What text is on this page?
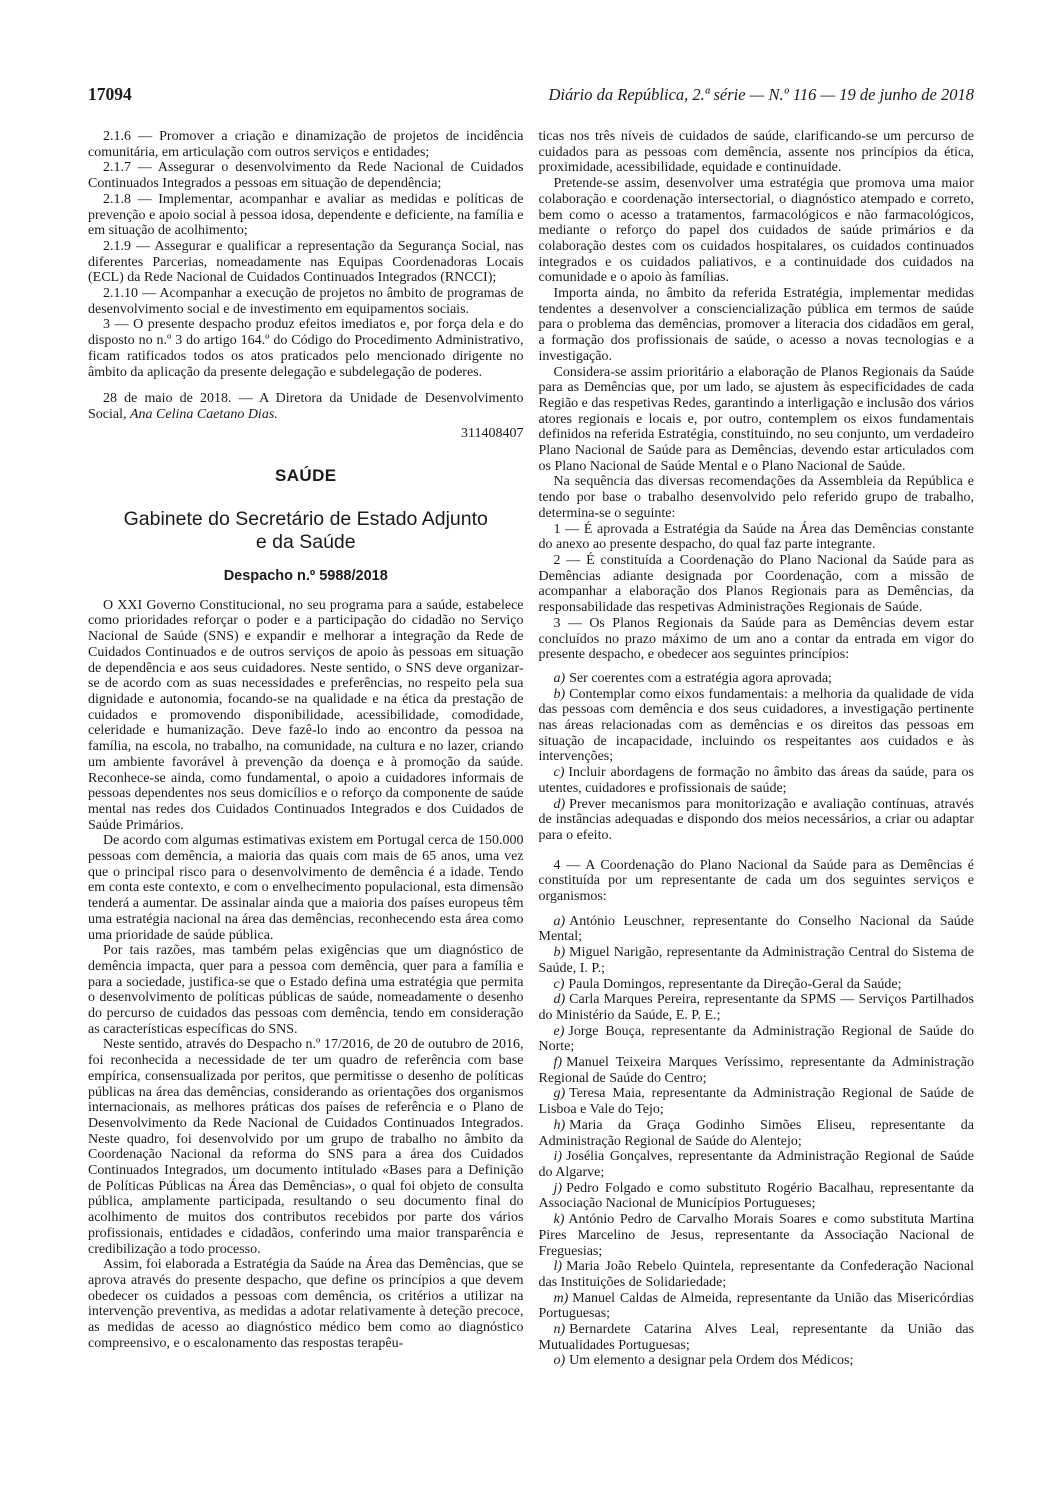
17094	Diário da República, 2.ª série — N.º 116 — 19 de junho de 2018

2.1.6 — Promover a criação e dinamização de projetos de incidência comunitária, em articulação com outros serviços e entidades;

2.1.7 — Assegurar o desenvolvimento da Rede Nacional de Cuidados Continuados Integrados a pessoas em situação de dependência;

2.1.8 — Implementar, acompanhar e avaliar as medidas e políticas de prevenção e apoio social à pessoa idosa, dependente e deficiente, na família e em situação de acolhimento;

2.1.9 — Assegurar e qualificar a representação da Segurança Social, nas diferentes Parcerias, nomeadamente nas Equipas Coordenadoras Locais (ECL) da Rede Nacional de Cuidados Continuados Integrados (RNCCI);

2.1.10 — Acompanhar a execução de projetos no âmbito de programas de desenvolvimento social e de investimento em equipamentos sociais.

3 — O presente despacho produz efeitos imediatos e, por força dela e do disposto no n.º 3 do artigo 164.º do Código do Procedimento Administrativo, ficam ratificados todos os atos praticados pelo mencionado dirigente no âmbito da aplicação da presente delegação e subdelegação de poderes.

28 de maio de 2018. — A Diretora da Unidade de Desenvolvimento Social, Ana Celina Caetano Dias.

311408407

SAÚDE
Gabinete do Secretário de Estado Adjunto
e da Saúde
Despacho n.º 5988/2018

O XXI Governo Constitucional, no seu programa para a saúde, estabelece como prioridades reforçar o poder e a participação do cidadão no Serviço Nacional de Saúde (SNS) e expandir e melhorar a integração da Rede de Cuidados Continuados e de outros serviços de apoio às pessoas em situação de dependência e aos seus cuidadores. Neste sentido, o SNS deve organizar-se de acordo com as suas necessidades e preferências, no respeito pela sua dignidade e autonomia, focando-se na qualidade e na ética da prestação de cuidados e promovendo disponibilidade, acessibilidade, comodidade, celeridade e humanização. Deve fazê-lo indo ao encontro da pessoa na família, na escola, no trabalho, na comunidade, na cultura e no lazer, criando um ambiente favorável à prevenção da doença e à promoção da saúde. Reconhece-se ainda, como fundamental, o apoio a cuidadores informais de pessoas dependentes nos seus domicílios e o reforço da componente de saúde mental nas redes dos Cuidados Continuados Integrados e dos Cuidados de Saúde Primários.

De acordo com algumas estimativas existem em Portugal cerca de 150.000 pessoas com demência, a maioria das quais com mais de 65 anos, uma vez que o principal risco para o desenvolvimento de demência é a idade. Tendo em conta este contexto, e com o envelhecimento populacional, esta dimensão tenderá a aumentar. De assinalar ainda que a maioria dos países europeus têm uma estratégia nacional na área das demências, reconhecendo esta área como uma prioridade de saúde pública.

Por tais razões, mas também pelas exigências que um diagnóstico de demência impacta, quer para a pessoa com demência, quer para a família e para a sociedade, justifica-se que o Estado defina uma estratégia que permita o desenvolvimento de políticas públicas de saúde, nomeadamente o desenho do percurso de cuidados das pessoas com demência, tendo em consideração as características específicas do SNS.

Neste sentido, através do Despacho n.º 17/2016, de 20 de outubro de 2016, foi reconhecida a necessidade de ter um quadro de referência com base empírica, consensualizada por peritos, que permitisse o desenho de políticas públicas na área das demências, considerando as orientações dos organismos internacionais, as melhores práticas dos países de referência e o Plano de Desenvolvimento da Rede Nacional de Cuidados Continuados Integrados. Neste quadro, foi desenvolvido por um grupo de trabalho no âmbito da Coordenação Nacional da reforma do SNS para a área dos Cuidados Continuados Integrados, um documento intitulado «Bases para a Definição de Políticas Públicas na Área das Demências», o qual foi objeto de consulta pública, amplamente participada, resultando o seu documento final do acolhimento de muitos dos contributos recebidos por parte dos vários profissionais, entidades e cidadãos, conferindo uma maior transparência e credibilização a todo processo.

Assim, foi elaborada a Estratégia da Saúde na Área das Demências, que se aprova através do presente despacho, que define os princípios a que devem obedecer os cuidados a pessoas com demência, os critérios a utilizar na intervenção preventiva, as medidas a adotar relativamente à deteção precoce, as medidas de acesso ao diagnóstico médico bem como ao diagnóstico compreensivo, e o escalonamento das respostas terapêu-

ticas nos três níveis de cuidados de saúde, clarificando-se um percurso de cuidados para as pessoas com demência, assente nos princípios da ética, proximidade, acessibilidade, equidade e continuidade.

Pretende-se assim, desenvolver uma estratégia que promova uma maior colaboração e coordenação intersectorial, o diagnóstico atempado e correto, bem como o acesso a tratamentos, farmacológicos e não farmacológicos, mediante o reforço do papel dos cuidados de saúde primários e da colaboração destes com os cuidados hospitalares, os cuidados continuados integrados e os cuidados paliativos, e a continuidade dos cuidados na comunidade e o apoio às famílias.

Importa ainda, no âmbito da referida Estratégia, implementar medidas tendentes a desenvolver a consciencialização pública em termos de saúde para o problema das demências, promover a literacia dos cidadãos em geral, a formação dos profissionais de saúde, o acesso a novas tecnologias e a investigação.

Considera-se assim prioritário a elaboração de Planos Regionais da Saúde para as Demências que, por um lado, se ajustem às especificidades de cada Região e das respetivas Redes, garantindo a interligação e inclusão dos vários atores regionais e locais e, por outro, contemplem os eixos fundamentais definidos na referida Estratégia, constituindo, no seu conjunto, um verdadeiro Plano Nacional de Saúde para as Demências, devendo estar articulados com os Plano Nacional de Saúde Mental e o Plano Nacional de Saúde.

Na sequência das diversas recomendações da Assembleia da República e tendo por base o trabalho desenvolvido pelo referido grupo de trabalho, determina-se o seguinte:

1 — É aprovada a Estratégia da Saúde na Área das Demências constante do anexo ao presente despacho, do qual faz parte integrante.

2 — É constituída a Coordenação do Plano Nacional da Saúde para as Demências adiante designada por Coordenação, com a missão de acompanhar a elaboração dos Planos Regionais para as Demências, da responsabilidade das respetivas Administrações Regionais de Saúde.

3 — Os Planos Regionais da Saúde para as Demências devem estar concluídos no prazo máximo de um ano a contar da entrada em vigor do presente despacho, e obedecer aos seguintes princípios:

a) Ser coerentes com a estratégia agora aprovada;

b) Contemplar como eixos fundamentais: a melhoria da qualidade de vida das pessoas com demência e dos seus cuidadores, a investigação pertinente nas áreas relacionadas com as demências e os direitos das pessoas em situação de incapacidade, incluindo os respeitantes aos cuidados e às intervenções;

c) Incluir abordagens de formação no âmbito das áreas da saúde, para os utentes, cuidadores e profissionais de saúde;

d) Prever mecanismos para monitorização e avaliação contínuas, através de instâncias adequadas e dispondo dos meios necessários, a criar ou adaptar para o efeito.

4 — A Coordenação do Plano Nacional da Saúde para as Demências é constituída por um representante de cada um dos seguintes serviços e organismos:

a) António Leuschner, representante do Conselho Nacional da Saúde Mental;

b) Miguel Narigão, representante da Administração Central do Sistema de Saúde, I. P.;

c) Paula Domingos, representante da Direção-Geral da Saúde;

d) Carla Marques Pereira, representante da SPMS — Serviços Partilhados do Ministério da Saúde, E. P. E.;

e) Jorge Bouça, representante da Administração Regional de Saúde do Norte;

f) Manuel Teixeira Marques Veríssimo, representante da Administração Regional de Saúde do Centro;

g) Teresa Maia, representante da Administração Regional de Saúde de Lisboa e Vale do Tejo;

h) Maria da Graça Godinho Simões Eliseu, representante da Administração Regional de Saúde do Alentejo;

i) Josélia Gonçalves, representante da Administração Regional de Saúde do Algarve;

j) Pedro Folgado e como substituto Rogério Bacalhau, representante da Associação Nacional de Municípios Portugueses;

k) António Pedro de Carvalho Morais Soares e como substituta Martina Pires Marcelino de Jesus, representante da Associação Nacional de Freguesias;

l) Maria João Rebelo Quintela, representante da Confederação Nacional das Instituições de Solidariedade;

m) Manuel Caldas de Almeida, representante da União das Misericórdias Portuguesas;

n) Bernardete Catarina Alves Leal, representante da União das Mutualidades Portuguesas;

o) Um elemento a designar pela Ordem dos Médicos;
